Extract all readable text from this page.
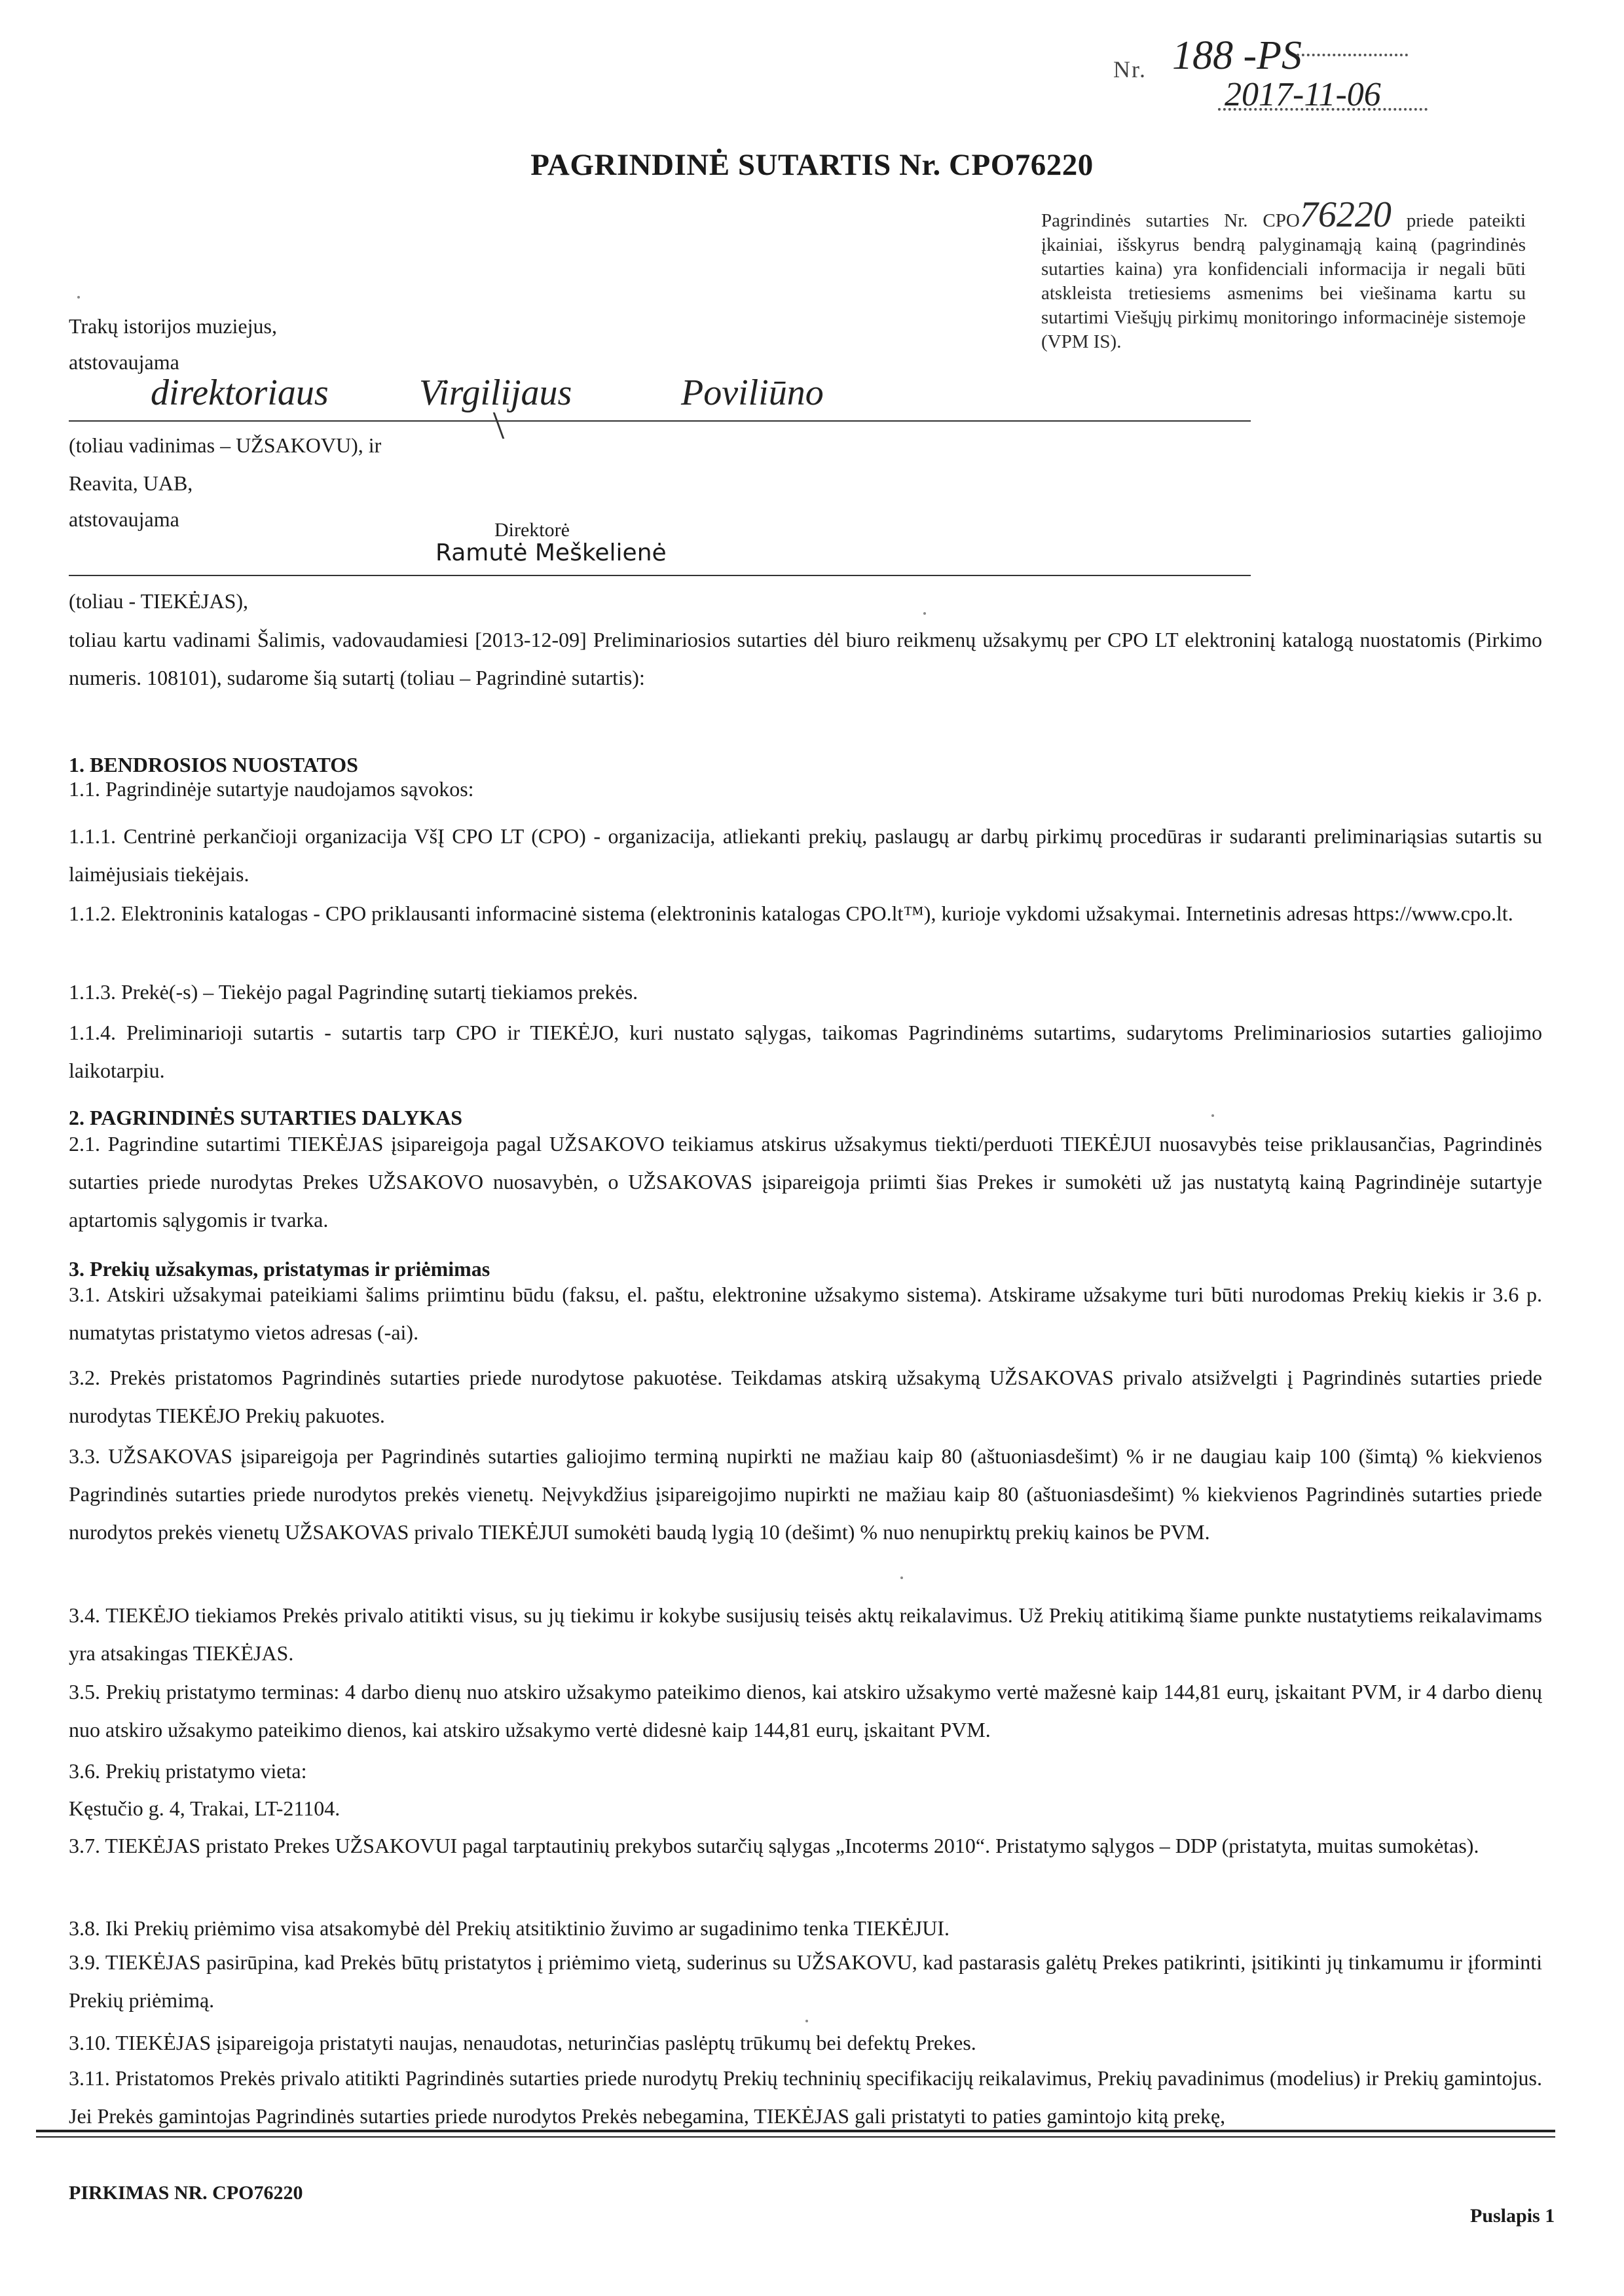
Nr. 188 -PS
2017-11-06
PAGRINDINĖ SUTARTIS Nr. CPO76220
Pagrindinės sutarties Nr. CPO76220 priede pateikti įkainiai, išskyrus bendrą palyginamąją kainą (pagrindinės sutarties kaina) yra konfidenciali informacija ir negali būti atskleista tretiesiems asmenims bei viešinama kartu su sutartimi Viešųjų pirkimų monitoringo informacinėje sistemoje (VPM IS).
Trakų istorijos muziejus,
atstovaujama
direktoriaus Virgilijaus	Poviliūno
(toliau vadinimas – UŽSAKOVU), ir
Reavita, UAB,
atstovaujama	Direktorė
Ramutė Meškelienė
(toliau - TIEKĖJAS),
toliau kartu vadinami Šalimis, vadovaudamiesi [2013-12-09] Preliminariosios sutarties dėl biuro reikmenų užsakymų per CPO LT elektroninį katalogą nuostatomis (Pirkimo numeris. 108101), sudarome šią sutartį (toliau – Pagrindinė sutartis):
1. BENDROSIOS NUOSTATOS
1.1. Pagrindinėje sutartyje naudojamos sąvokos:
1.1.1. Centrinė perkančioji organizacija VšĮ CPO LT (CPO) - organizacija, atliekanti prekių, paslaugų ar darbų pirkimų procedūras ir sudaranti preliminariąsias sutartis su laimėjusiais tiekėjais.
1.1.2. Elektroninis katalogas - CPO priklausanti informacinė sistema (elektroninis katalogas CPO.lt™), kurioje vykdomi užsakymai. Internetinis adresas https://www.cpo.lt.
1.1.3. Prekė(-s) – Tiekėjo pagal Pagrindinę sutartį tiekiamos prekės.
1.1.4. Preliminarioji sutartis - sutartis tarp CPO ir TIEKĖJO, kuri nustato sąlygas, taikomas Pagrindinėms sutartims, sudarytoms Preliminariosios sutarties galiojimo laikotarpiu.
2. PAGRINDINĖS SUTARTIES DALYKAS
2.1. Pagrindine sutartimi TIEKĖJAS įsipareigoja pagal UŽSAKOVO teikiamus atskirus užsakymus tiekti/perduoti TIEKĖJUI nuosavybės teise priklausančias, Pagrindinės sutarties priede nurodytas Prekes UŽSAKOVO nuosavybėn, o UŽSAKOVAS įsipareigoja priimti šias Prekes ir sumokėti už jas nustatytą kainą Pagrindinėje sutartyje aptartomis sąlygomis ir tvarka.
3. Prekių užsakymas, pristatymas ir priėmimas
3.1. Atskiri užsakymai pateikiami šalims priimtinu būdu (faksu, el. paštu, elektronine užsakymo sistema). Atskirame užsakyme turi būti nurodomas Prekių kiekis ir 3.6 p. numatytas pristatymo vietos adresas (-ai).
3.2. Prekės pristatomos Pagrindinės sutarties priede nurodytose pakuotėse. Teikdamas atskirą užsakymą UŽSAKOVAS privalo atsižvelgti į Pagrindinės sutarties priede nurodytas TIEKĖJO Prekių pakuotes.
3.3. UŽSAKOVAS įsipareigoja per Pagrindinės sutarties galiojimo terminą nupirkti ne mažiau kaip 80 (aštuoniasdešimt) % ir ne daugiau kaip 100 (šimtą) % kiekvienos Pagrindinės sutarties priede nurodytos prekės vienetų. Neįvykdžius įsipareigojimo nupirkti ne mažiau kaip 80 (aštuoniasdešimt) % kiekvienos Pagrindinės sutarties priede nurodytos prekės vienetų UŽSAKOVAS privalo TIEKĖJUI sumokėti baudą lygią 10 (dešimt) % nuo nenupirktų prekių kainos be PVM.
3.4. TIEKĖJO tiekiamos Prekės privalo atitikti visus, su jų tiekimu ir kokybe susijusių teisės aktų reikalavimus. Už Prekių atitikimą šiame punkte nustatytiems reikalavimams yra atsakingas TIEKĖJAS.
3.5. Prekių pristatymo terminas: 4 darbo dienų nuo atskiro užsakymo pateikimo dienos, kai atskiro užsakymo vertė mažesnė kaip 144,81 eurų, įskaitant PVM, ir 4 darbo dienų nuo atskiro užsakymo pateikimo dienos, kai atskiro užsakymo vertė didesnė kaip 144,81 eurų, įskaitant PVM.
3.6. Prekių pristatymo vieta:
Kęstučio g. 4, Trakai, LT-21104.
3.7. TIEKĖJAS pristato Prekes UŽSAKOVUI pagal tarptautinių prekybos sutarčių sąlygas „Incoterms 2010“. Pristatymo sąlygos – DDP (pristatyta, muitas sumokėtas).
3.8. Iki Prekių priėmimo visa atsakomybė dėl Prekių atsitiktinio žuvimo ar sugadinimo tenka TIEKĖJUI.
3.9. TIEKĖJAS pasirūpina, kad Prekės būtų pristatytos į priėmimo vietą, suderinus su UŽSAKOVU, kad pastarasis galėtų Prekes patikrinti, įsitikinti jų tinkamumu ir įforminti Prekių priėmimą.
3.10. TIEKĖJAS įsipareigoja pristatyti naujas, nenaudotas, neturinčias paslėptų trūkumų bei defektų Prekes.
3.11. Pristatomos Prekės privalo atitikti Pagrindinės sutarties priede nurodytų Prekių techninių specifikacijų reikalavimus, Prekių pavadinimus (modelius) ir Prekių gamintojus. Jei Prekės gamintojas Pagrindinės sutarties priede nurodytos Prekės nebegamina, TIEKĖJAS gali pristatyti to paties gamintojo kitą prekę,
PIRKIMAS NR. CPO76220
Puslapis 1
